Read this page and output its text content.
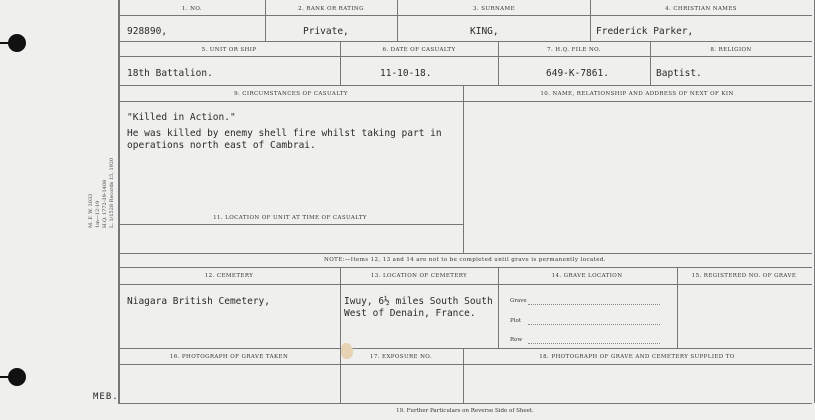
M. F. W. 2033 1m—12-19 H.Q. 1772-39-1408 L. 1/1528 Records 15, 1920
1. NO.	2. RANK OR RATING	3. SURNAME	4. CHRISTIAN NAMES
928890,	Private,	KING,	Frederick Parker,
5. UNIT OR SHIP	6. DATE OF CASUALTY	7. H.Q. FILE NO.	8. RELIGION
18th Battalion.	11-10-18.	649-K-7861.	Baptist.
9. CIRCUMSTANCES OF CASUALTY	10. NAME, RELATIONSHIP AND ADDRESS OF NEXT OF KIN
"Killed in Action."
He was killed by enemy shell fire whilst taking part in
operations north east of Cambrai.
11. LOCATION OF UNIT AT TIME OF CASUALTY
NOTE:—Items 12, 13 and 14 are not to be completed until grave is permanently located.
12. CEMETERY	13. LOCATION OF CEMETERY	14. GRAVE LOCATION	15. REGISTERED NO. OF GRAVE
Niagara British Cemetery,	Iwuy, 6½ miles South South
West of Denain, France.
Grave
Plot
Row
16. PHOTOGRAPH OF GRAVE TAKEN	17. EXPOSURE NO.	18. PHOTOGRAPH OF GRAVE AND CEMETERY SUPPLIED TO
MEB.
19. Further Particulars on Reverse Side of Sheet.
